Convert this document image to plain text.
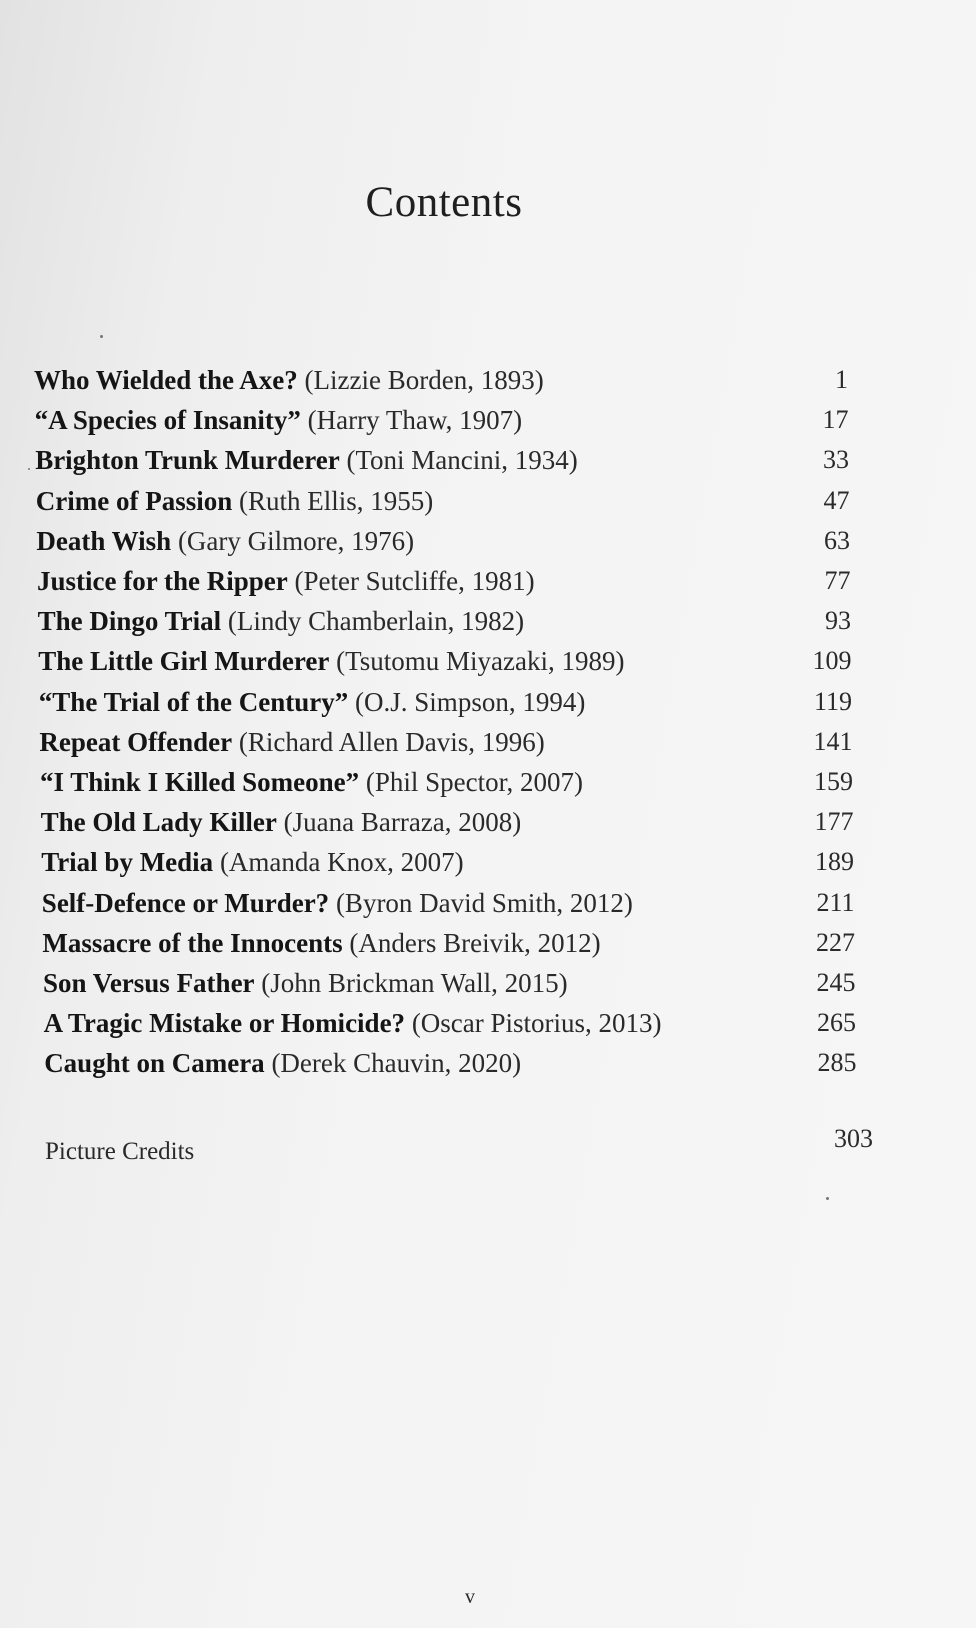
Contents
Who Wielded the Axe? (Lizzie Borden, 1893)	1
“A Species of Insanity” (Harry Thaw, 1907)	17
Brighton Trunk Murderer (Toni Mancini, 1934)	33
Crime of Passion (Ruth Ellis, 1955)	47
Death Wish (Gary Gilmore, 1976)	63
Justice for the Ripper (Peter Sutcliffe, 1981)	77
The Dingo Trial (Lindy Chamberlain, 1982)	93
The Little Girl Murderer (Tsutomu Miyazaki, 1989)	109
“The Trial of the Century” (O.J. Simpson, 1994)	119
Repeat Offender (Richard Allen Davis, 1996)	141
“I Think I Killed Someone” (Phil Spector, 2007)	159
The Old Lady Killer (Juana Barraza, 2008)	177
Trial by Media (Amanda Knox, 2007)	189
Self-Defence or Murder? (Byron David Smith, 2012)	211
Massacre of the Innocents (Anders Breivik, 2012)	227
Son Versus Father (John Brickman Wall, 2015)	245
A Tragic Mistake or Homicide? (Oscar Pistorius, 2013)	265
Caught on Camera (Derek Chauvin, 2020)	285
Picture Credits	303
v
